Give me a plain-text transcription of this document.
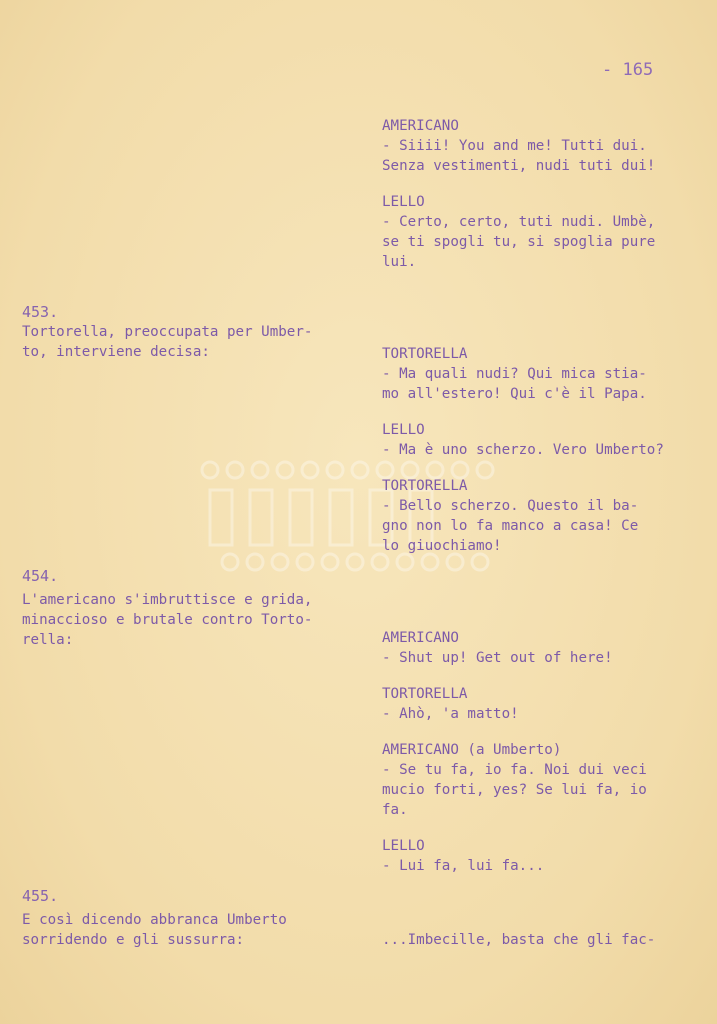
- 165
453.
Tortorella, preoccupata per Umber-
to, interviene decisa:
454.
L'americano s'imbruttisce e grida,
minaccioso e brutale contro Torto-
rella:
455.
E così dicendo abbranca Umberto
sorridendo e gli sussurra:
AMERICANO
- Siiii! You and me! Tutti dui.
Senza vestimenti, nudi tuti dui!
LELLO
- Certo, certo, tuti nudi. Umbè,
se ti spogli tu, si spoglia pure
lui.
TORTORELLA
- Ma quali nudi? Qui mica stia-
mo all'estero! Qui c'è il Papa.
LELLO
- Ma è uno scherzo. Vero Umberto?
TORTORELLA
- Bello scherzo. Questo il ba-
gno non lo fa manco a casa! Ce
lo giuochiamo!
AMERICANO
- Shut up! Get out of here!
TORTORELLA
- Ahò, 'a matto!
AMERICANO (a Umberto)
- Se tu fa, io fa. Noi dui veci
mucio forti, yes? Se lui fa, io
fa.
LELLO
- Lui fa, lui fa...
...Imbecille, basta che gli fac-
